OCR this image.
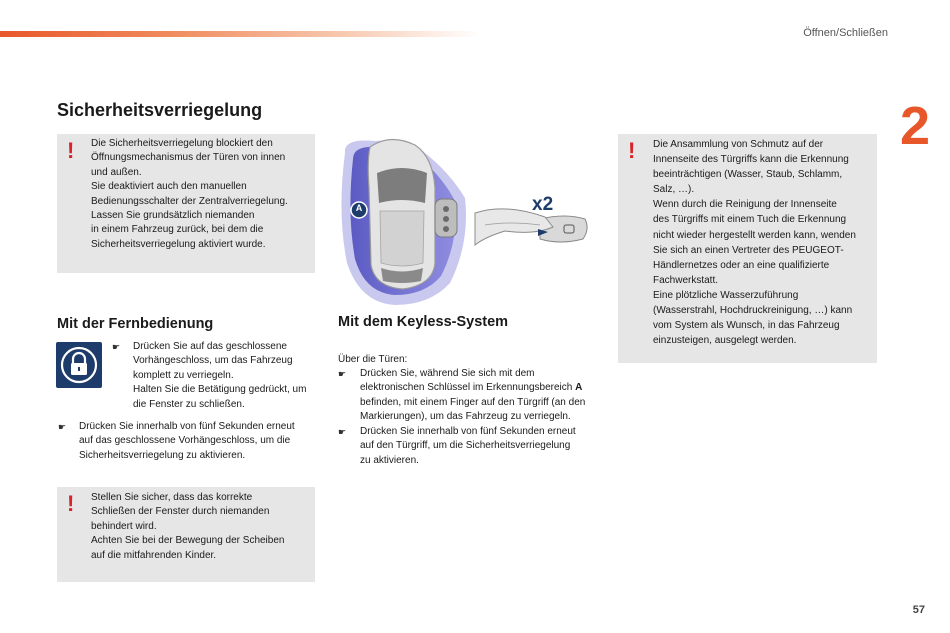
Öffnen/Schließen
2
Sicherheitsverriegelung
! Die Sicherheitsverriegelung blockiert den

Öffnungsmechanismus der Türen von innen

und außen.

Sie deaktiviert auch den manuellen

Bedienungsschalter der Zentralverriegelung.

Lassen Sie grundsätzlich niemanden

in einem Fahrzeug zurück, bei dem die

Sicherheitsverriegelung aktiviert wurde.

Mit der Fernbedienung
☛ Drücken Sie auf das geschlossene
Vorhängeschloss, um das Fahrzeug
komplett zu verriegeln.
Halten Sie die Betätigung gedrückt, um
die Fenster zu schließen.
☛ Drücken Sie innerhalb von fünf Sekunden erneut
auf das geschlossene Vorhängeschloss, um die
Sicherheitsverriegelung zu aktivieren.
! Stellen Sie sicher, dass das korrekte

Schließen der Fenster durch niemanden

behindert wird.

Achten Sie bei der Bewegung der Scheiben

auf die mitfahrenden Kinder.

A	x2
Mit dem Keyless-System
Über die Türen:
☛ Drücken Sie, während Sie sich mit dem
elektronischen Schlüssel im Erkennungsbereich A
befinden, mit einem Finger auf den Türgriff (an den
Markierungen), um das Fahrzeug zu verriegeln.
☛ Drücken Sie innerhalb von fünf Sekunden erneut
auf den Türgriff, um die Sicherheitsverriegelung
zu aktivieren.
! Die Ansammlung von Schmutz auf der

Innenseite des Türgriffs kann die Erkennung

beeinträchtigen (Wasser, Staub, Schlamm,

Salz, …).

Wenn durch die Reinigung der Innenseite

des Türgriffs mit einem Tuch die Erkennung

nicht wieder hergestellt werden kann, wenden

Sie sich an einen Vertreter des PEUGEOT-

Händlernetzes oder an eine qualifizierte

Fachwerkstatt.

Eine plötzliche Wasserzuführung

(Wasserstrahl, Hochdruckreinigung, …) kann

vom System als Wunsch, in das Fahrzeug

einzusteigen, ausgelegt werden.

57
